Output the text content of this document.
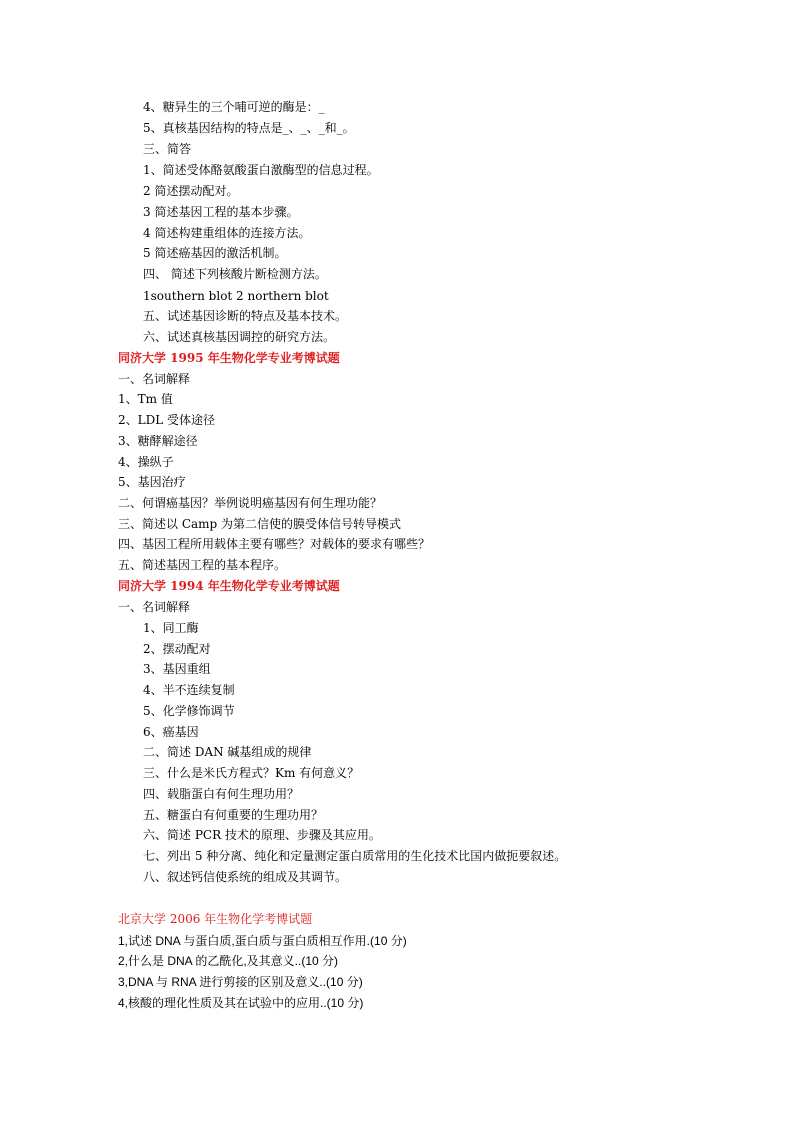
4、糖异生的三个哺可逆的酶是：_
5、真核基因结构的特点是_、_、_和_。
三、简答
1、简述受体酪氨酸蛋白激酶型的信息过程。
2 简述摆动配对。
3 简述基因工程的基本步骤。
4 简述构建重组体的连接方法。
5 简述癌基因的激活机制。
四、 简述下列核酸片断检测方法。
1southern blot 2 northern blot
五、试述基因诊断的特点及基本技术。
六、试述真核基因调控的研究方法。
同济大学 1995 年生物化学专业考博试题
一、名词解释
1、Tm 值
2、LDL 受体途径
3、糖酵解途径
4、操纵子
5、基因治疗
二、何谓癌基因？举例说明癌基因有何生理功能？
三、简述以 Camp 为第二信使的膜受体信号转导模式
四、基因工程所用载体主要有哪些？对载体的要求有哪些？
五、简述基因工程的基本程序。
同济大学 1994 年生物化学专业考博试题
一、名词解释
1、同工酶
2、摆动配对
3、基因重组
4、半不连续复制
5、化学修饰调节
6、癌基因
二、简述 DAN 碱基组成的规律
三、什么是米氏方程式？Km 有何意义？
四、载脂蛋白有何生理功用？
五、糖蛋白有何重要的生理功用？
六、简述 PCR 技术的原理、步骤及其应用。
七、列出 5 种分离、纯化和定量测定蛋白质常用的生化技术比国内做扼要叙述。
八、叙述钙信使系统的组成及其调节。
北京大学 2006 年生物化学考博试题
1,试述 DNA 与蛋白质,蛋白质与蛋白质相互作用.(10 分)
2,什么是 DNA 的乙酰化,及其意义..(10 分)
3,DNA 与 RNA 进行剪接的区别及意义..(10 分)
4,核酸的理化性质及其在试验中的应用..(10 分)
